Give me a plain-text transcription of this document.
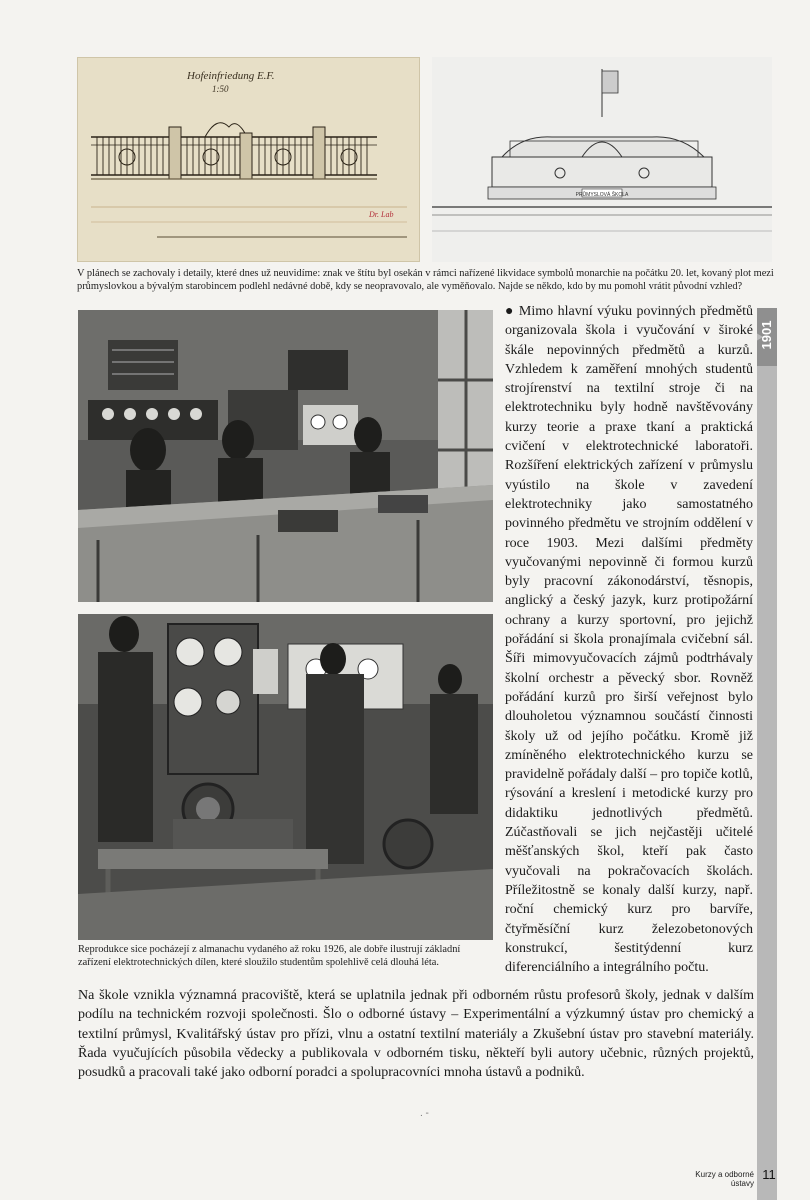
Hofeinfriedung E.F.
1:50
Dr. Lab
PRŮMYSLOVÁ ŠKOLA
V plánech se zachovaly i detaily, které dnes už neuvidíme: znak ve štítu byl osekán v rámci nařízené likvidace symbolů monarchie na počátku 20. let, kovaný plot mezi průmyslovkou a bývalým starobincem podlehl nedávné době, kdy se neopravovalo, ale vyměňovalo. Najde se někdo, kdo by mu pomohl vrátit původní vzhled?
Reprodukce sice pocházejí z almanachu vydaného až roku 1926, ale dobře ilustrují základní zařízení elektrotechnických dílen, které sloužilo studentům spolehlivě celá dlouhá léta.
● Mimo hlavní výuku povinných předmětů organizovala škola i vyučování v široké škále nepovinných předmětů a kurzů. Vzhledem k zaměření mnohých studentů strojírenství na textilní stroje či na elektrotechniku byly hodně navštěvovány kurzy teorie a praxe tkaní a praktická cvičení v elektrotechnické laboratoři. Rozšíření elektrických zařízení v průmyslu vyústilo na škole v zavedení elektrotechniky jako samostatného povinného předmětu ve strojním oddělení v roce 1903. Mezi dalšími předměty vyučovanými nepovinně či formou kurzů byly pracovní zákonodárství, těsnopis, anglický a český jazyk, kurz protipožární ochrany a kurzy sportovní, pro jejichž pořádání si škola pronajímala cvičební sál. Šíři mimovyučovacích zájmů podtrhávaly školní orchestr a pěvecký sbor. Rovněž pořádání kurzů pro širší veřejnost bylo dlouholetou významnou součástí činnosti školy už od jejího počátku. Kromě již zmíněného elektrotechnického kurzu se pravidelně pořádaly další – pro topiče kotlů, rýsování a kreslení i metodické kurzy pro didaktiku jednotlivých předmětů. Zúčastňovali se jich nejčastěji učitelé měšťanských škol, kteří pak často vyučovali na pokračovacích školách. Příležitostně se konaly další kurzy, např. roční chemický kurz pro barvíře, čtyřměsíční kurz železobetonových konstrukcí, šestitýdenní kurz diferenciálního a integrálního počtu.
Na škole vznikla významná pracoviště, která se uplatnila jednak při odborném růstu profesorů školy, jednak v dalším podílu na technickém rozvoji společnosti. Šlo o odborné ústavy – Experimentální a výzkumný ústav pro chemický a textilní průmysl, Kvalitářský ústav pro přízi, vlnu a ostatní textilní materiály a Zkušební ústav pro stavební materiály. Řada vyučujících působila vědecky a publikovala v odborném tisku, někteří byli autory učebnic, různých projektů, posudků a pracovali také jako odborní poradci a spolupracovníci mnoha ústavů a podniků.
1901
. -
Kurzy a odborné ústavy
11
